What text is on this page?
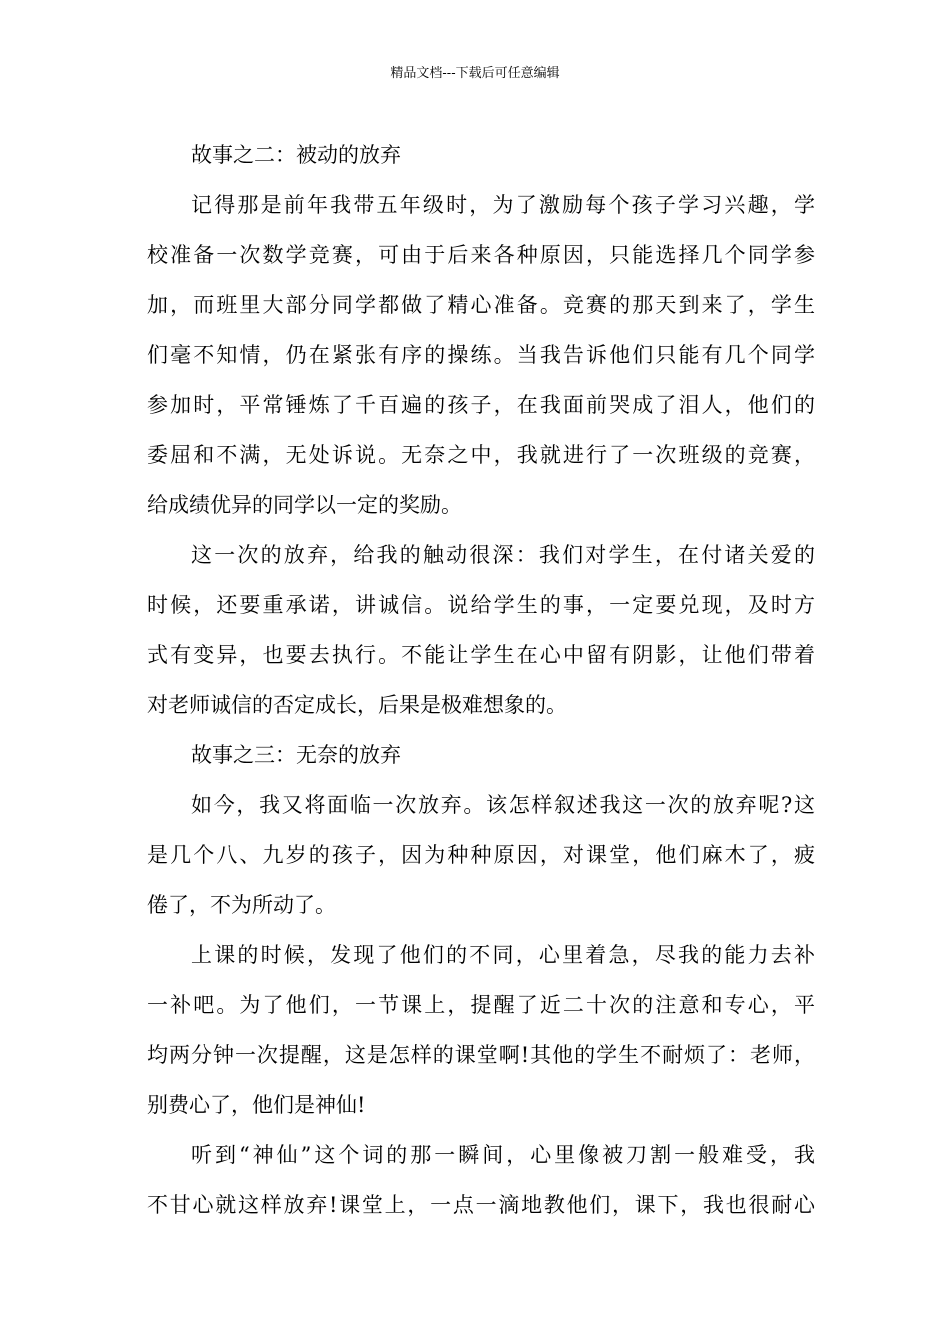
精品文档---下载后可任意编辑
故事之二：被动的放弃
记得那是前年我带五年级时，为了激励每个孩子学习兴趣，学
校准备一次数学竞赛，可由于后来各种原因，只能选择几个同学参
加，而班里大部分同学都做了精心准备。竞赛的那天到来了，学生
们毫不知情，仍在紧张有序的操练。当我告诉他们只能有几个同学
参加时，平常锤炼了千百遍的孩子，在我面前哭成了泪人，他们的
委屈和不满，无处诉说。无奈之中，我就进行了一次班级的竞赛，
给成绩优异的同学以一定的奖励。
这一次的放弃，给我的触动很深：我们对学生，在付诸关爱的
时候，还要重承诺，讲诚信。说给学生的事，一定要兑现，及时方
式有变异，也要去执行。不能让学生在心中留有阴影，让他们带着
对老师诚信的否定成长，后果是极难想象的。
故事之三：无奈的放弃
如今，我又将面临一次放弃。该怎样叙述我这一次的放弃呢?这
是几个八、九岁的孩子，因为种种原因，对课堂，他们麻木了，疲
倦了，不为所动了。
上课的时候，发现了他们的不同，心里着急，尽我的能力去补
一补吧。为了他们，一节课上，提醒了近二十次的注意和专心，平
均两分钟一次提醒，这是怎样的课堂啊!其他的学生不耐烦了：老师，
别费心了，他们是神仙!
听到“神仙”这个词的那一瞬间，心里像被刀割一般难受，我
不甘心就这样放弃!课堂上，一点一滴地教他们，课下，我也很耐心
